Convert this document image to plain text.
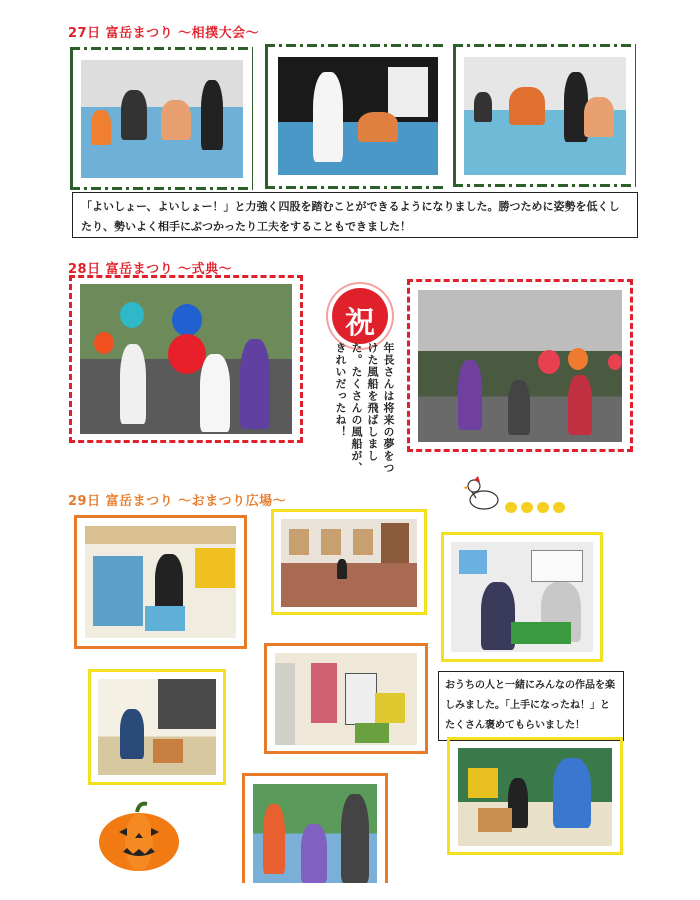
27日 富岳まつり ～相撲大会～
「よいしょー、よいしょー！」と力強く四股を踏むことができるようになりました。勝つために姿勢を低くしたり、勢いよく相手にぶつかったり工夫をすることもできました！
28日 富岳まつり ～式典～
祝
年長さんは将来の夢をつけた風船を飛ばしました。たくさんの風船が、きれいだったね！
29日 富岳まつり ～おまつり広場～
おうちの人と一緒にみんなの作品を楽しみました。「上手になったね！」とたくさん褒めてもらいました！
